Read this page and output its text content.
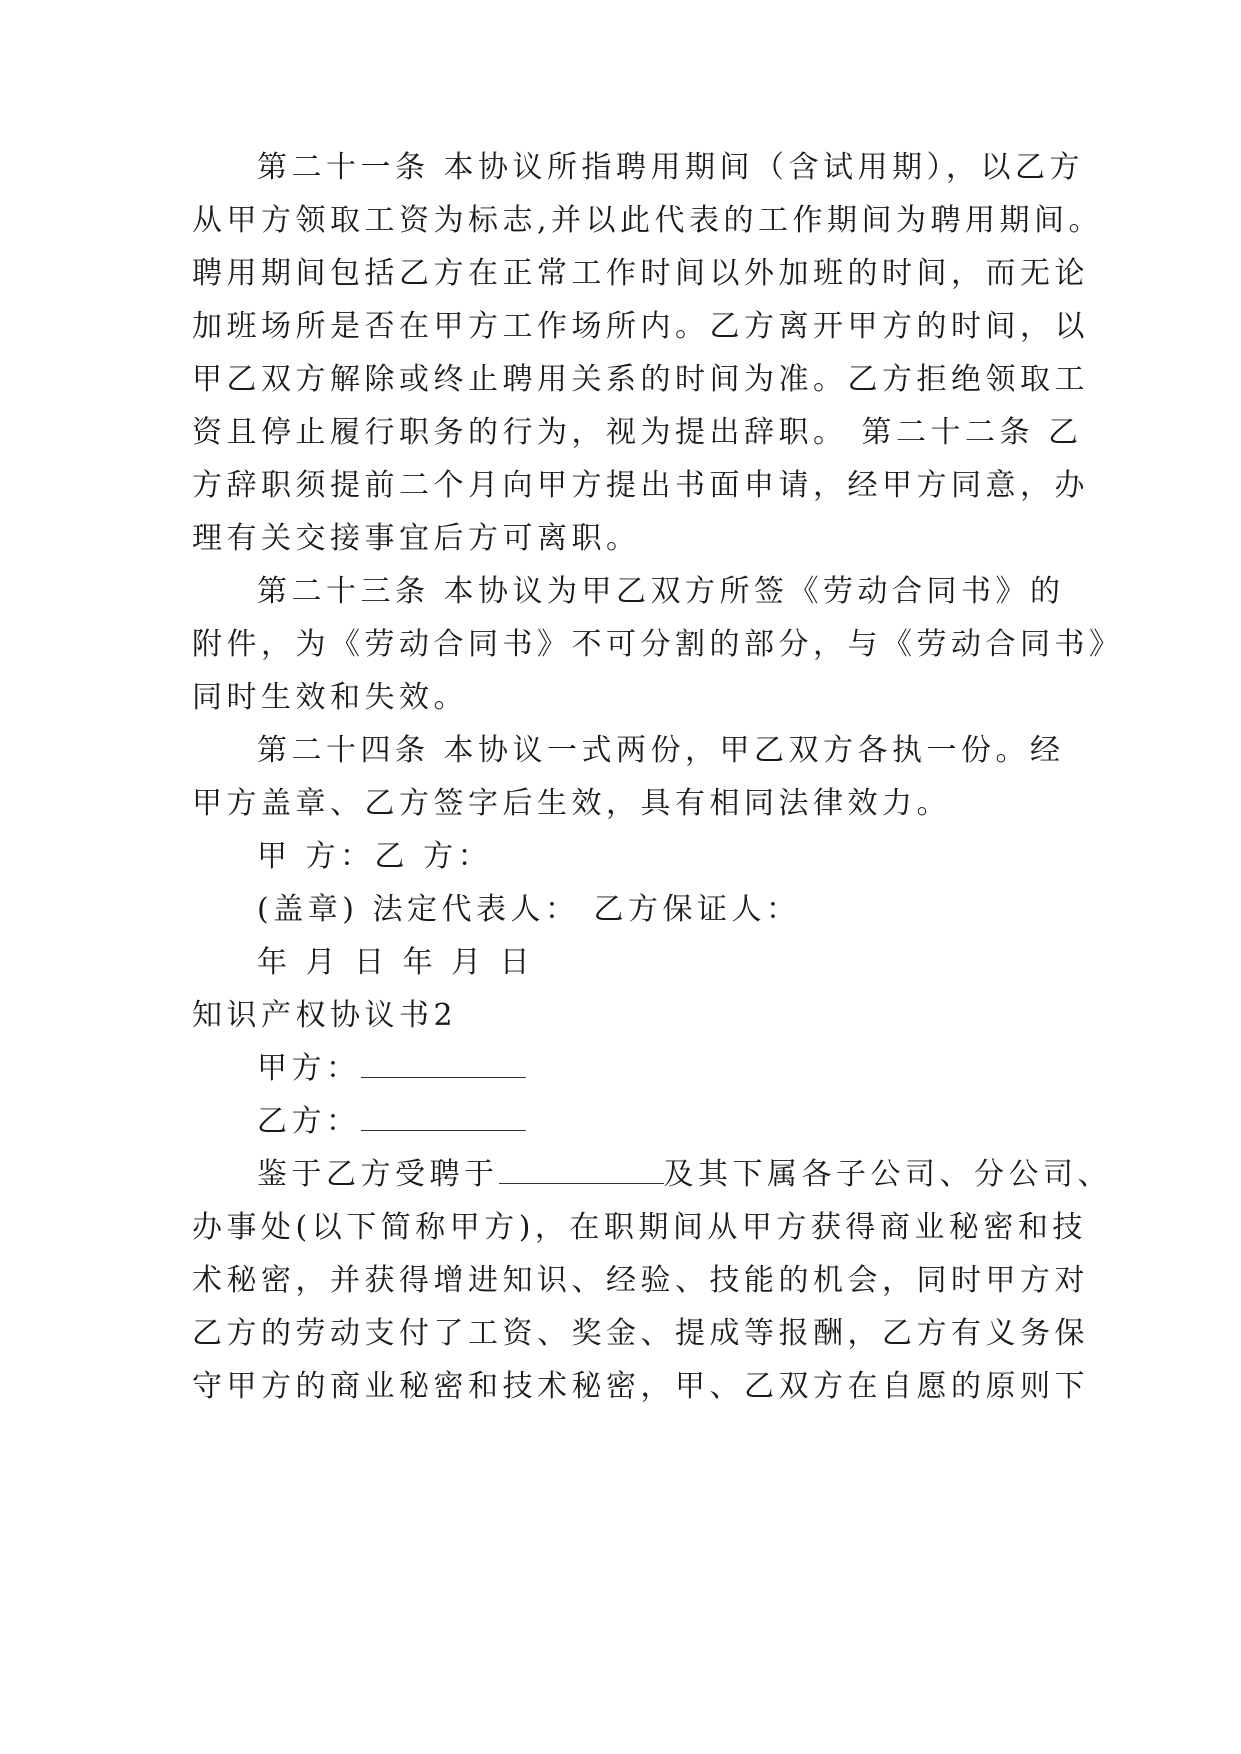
第二十一条 本协议所指聘用期间（含试用期），以乙方
从甲方领取工资为标志,并以此代表的工作期间为聘用期间。
聘用期间包括乙方在正常工作时间以外加班的时间，而无论
加班场所是否在甲方工作场所内。乙方离开甲方的时间，以
甲乙双方解除或终止聘用关系的时间为准。乙方拒绝领取工
资且停止履行职务的行为，视为提出辞职。 第二十二条 乙
方辞职须提前二个月向甲方提出书面申请，经甲方同意，办
理有关交接事宜后方可离职。
第二十三条 本协议为甲乙双方所签《劳动合同书》的
附件，为《劳动合同书》不可分割的部分，与《劳动合同书》
同时生效和失效。
第二十四条 本协议一式两份，甲乙双方各执一份。经
甲方盖章、乙方签字后生效，具有相同法律效力。
甲 方：乙 方：
(盖章) 法定代表人： 乙方保证人：
年 月 日 年 月 日
知识产权协议书2
甲方：
乙方：
鉴于乙方受聘于	及其下属各子公司、分公司、
办事处(以下简称甲方)，在职期间从甲方获得商业秘密和技
术秘密，并获得增进知识、经验、技能的机会，同时甲方对
乙方的劳动支付了工资、奖金、提成等报酬，乙方有义务保
守甲方的商业秘密和技术秘密，甲、乙双方在自愿的原则下
